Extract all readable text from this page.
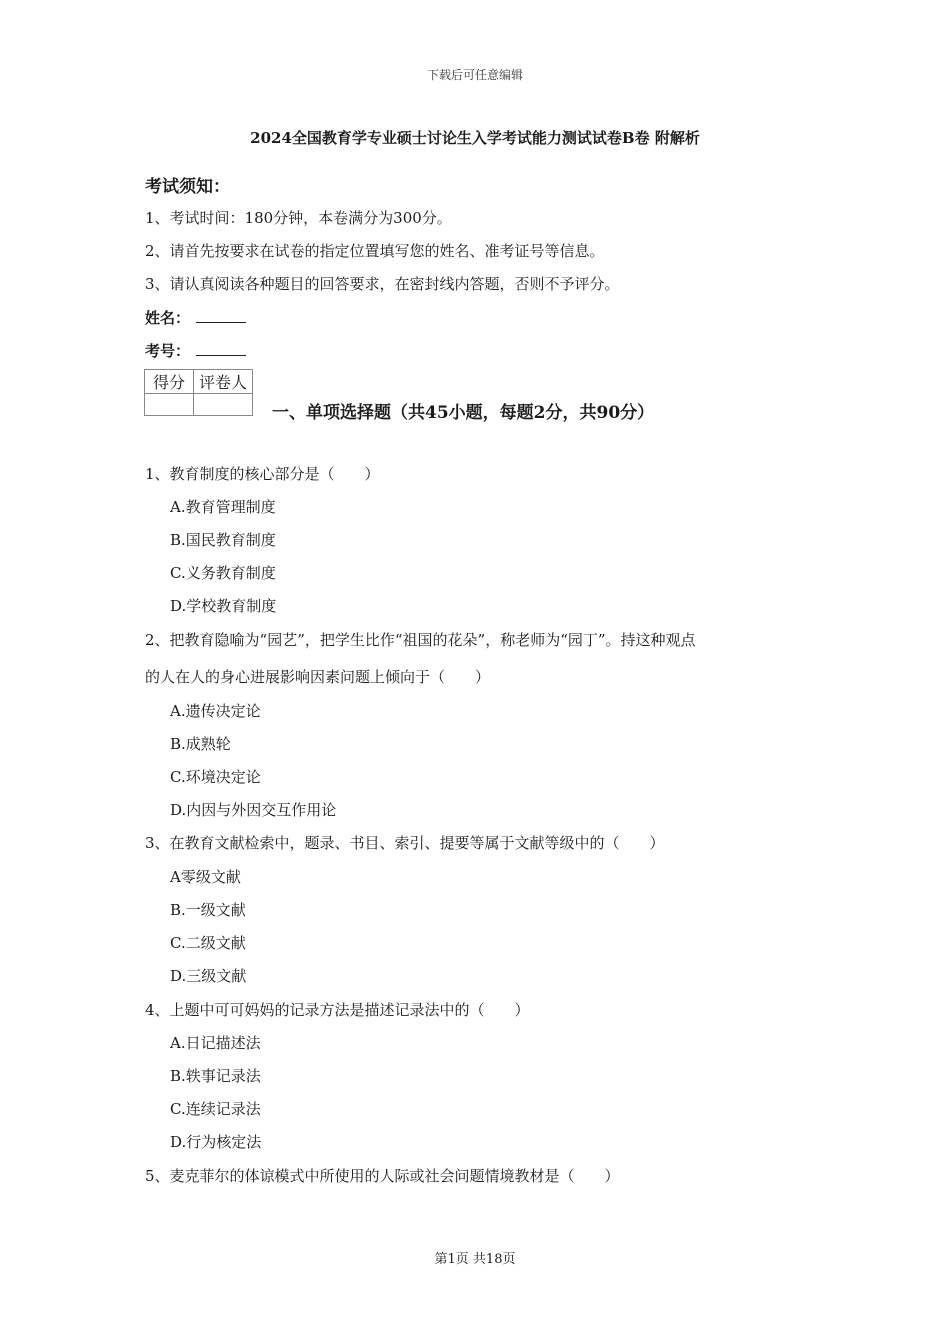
下载后可任意编辑
2024全国教育学专业硕士讨论生入学考试能力测试试卷B卷 附解析
考试须知：
1、考试时间：180分钟，本卷满分为300分。
2、请首先按要求在试卷的指定位置填写您的姓名、准考证号等信息。
3、请认真阅读各种题目的回答要求，在密封线内答题，否则不予评分。
姓名：
考号：
得分	评卷人

一、单项选择题（共45小题，每题2分，共90分）
1、教育制度的核心部分是（　　）
A.教育管理制度
B.国民教育制度
C.义务教育制度
D.学校教育制度
2、把教育隐喻为“园艺”，把学生比作“祖国的花朵”，称老师为“园丁”。持这种观点
的人在人的身心进展影响因素问题上倾向于（　　）
A.遗传决定论
B.成熟轮
C.环境决定论
D.内因与外因交互作用论
3、在教育文献检索中，题录、书目、索引、提要等属于文献等级中的（　　）
A零级文献
B.一级文献
C.二级文献
D.三级文献
4、上题中可可妈妈的记录方法是描述记录法中的（　　）
A.日记描述法
B.轶事记录法
C.连续记录法
D.行为核定法
5、麦克菲尔的体谅模式中所使用的人际或社会问题情境教材是（　　）
第1页 共18页
